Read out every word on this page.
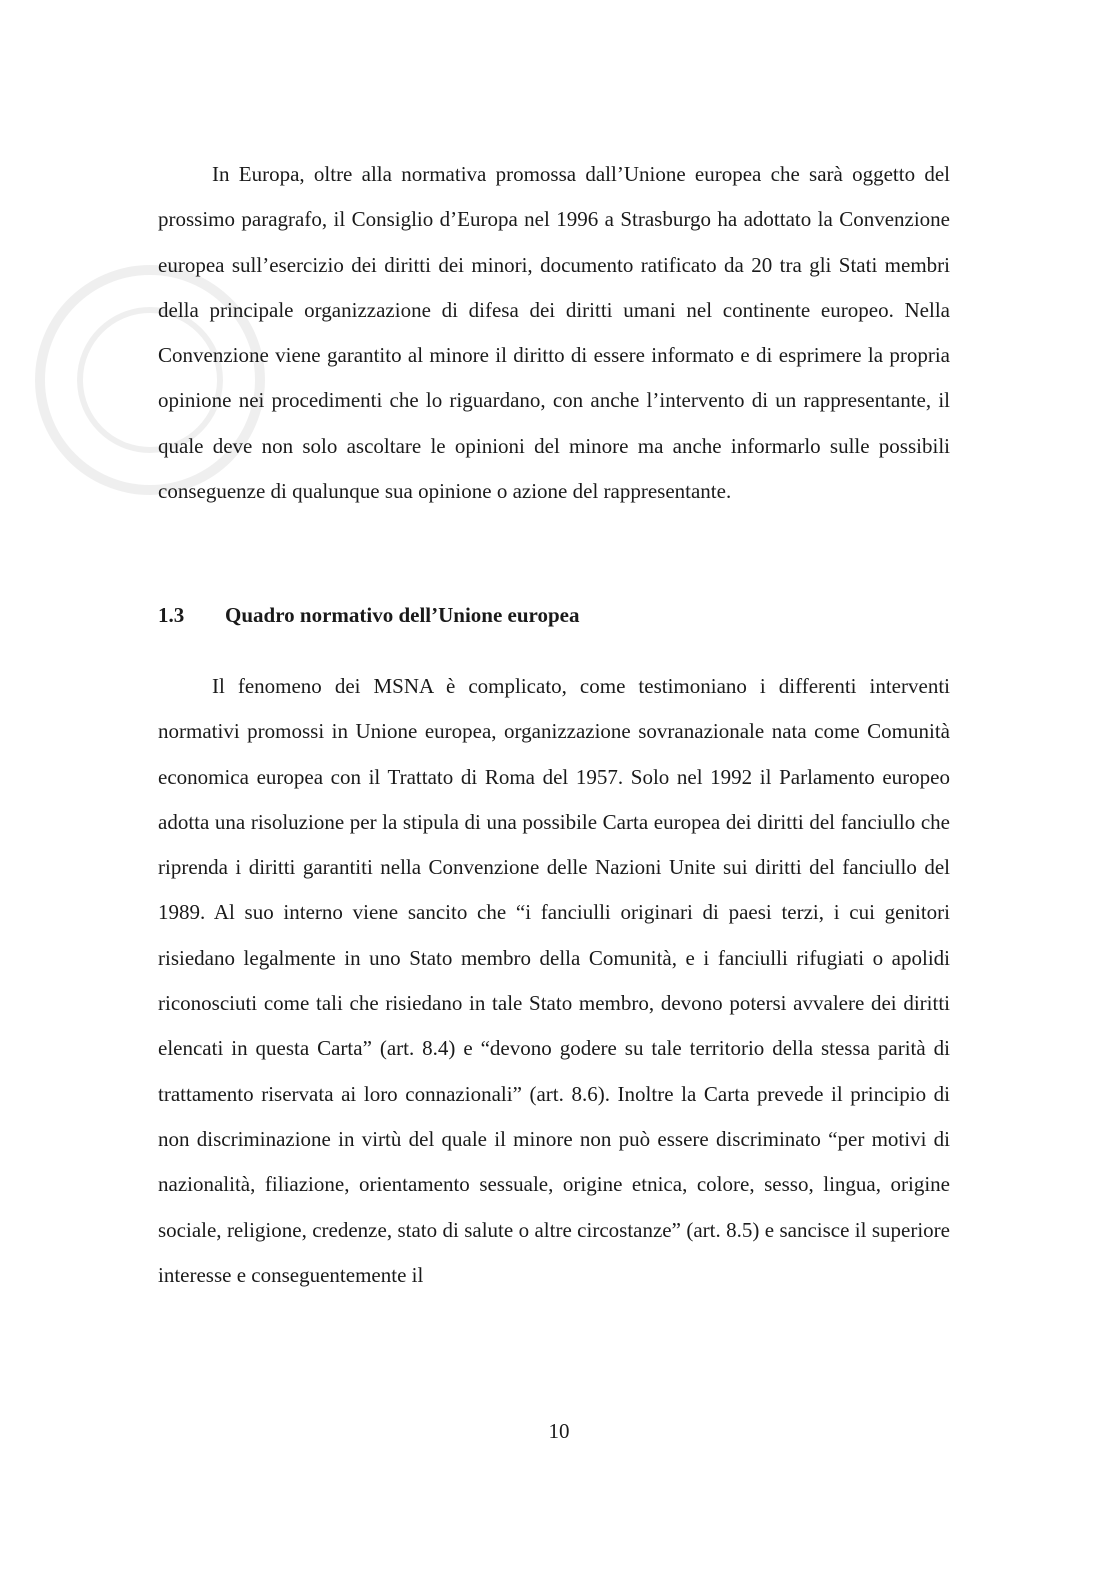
In Europa, oltre alla normativa promossa dall’Unione europea che sarà oggetto del prossimo paragrafo, il Consiglio d’Europa nel 1996 a Strasburgo ha adottato la Convenzione europea sull’esercizio dei diritti dei minori, documento ratificato da 20 tra gli Stati membri della principale organizzazione di difesa dei diritti umani nel continente europeo. Nella Convenzione viene garantito al minore il diritto di essere informato e di esprimere la propria opinione nei procedimenti che lo riguardano, con anche l’intervento di un rappresentante, il quale deve non solo ascoltare le opinioni del minore ma anche informarlo sulle possibili conseguenze di qualunque sua opinione o azione del rappresentante.

1.3 Quadro normativo dell’Unione europea

Il fenomeno dei MSNA è complicato, come testimoniano i differenti interventi normativi promossi in Unione europea, organizzazione sovranazionale nata come Comunità economica europea con il Trattato di Roma del 1957. Solo nel 1992 il Parlamento europeo adotta una risoluzione per la stipula di una possibile Carta europea dei diritti del fanciullo che riprenda i diritti garantiti nella Convenzione delle Nazioni Unite sui diritti del fanciullo del 1989. Al suo interno viene sancito che “i fanciulli originari di paesi terzi, i cui genitori risiedano legalmente in uno Stato membro della Comunità, e i fanciulli rifugiati o apolidi riconosciuti come tali che risiedano in tale Stato membro, devono potersi avvalere dei diritti elencati in questa Carta” (art. 8.4) e “devono godere su tale territorio della stessa parità di trattamento riservata ai loro connazionali” (art. 8.6). Inoltre la Carta prevede il principio di non discriminazione in virtù del quale il minore non può essere discriminato “per motivi di nazionalità, filiazione, orientamento sessuale, origine etnica, colore, sesso, lingua, origine sociale, religione, credenze, stato di salute o altre circostanze” (art. 8.5) e sancisce il superiore interesse e conseguentemente il

10
